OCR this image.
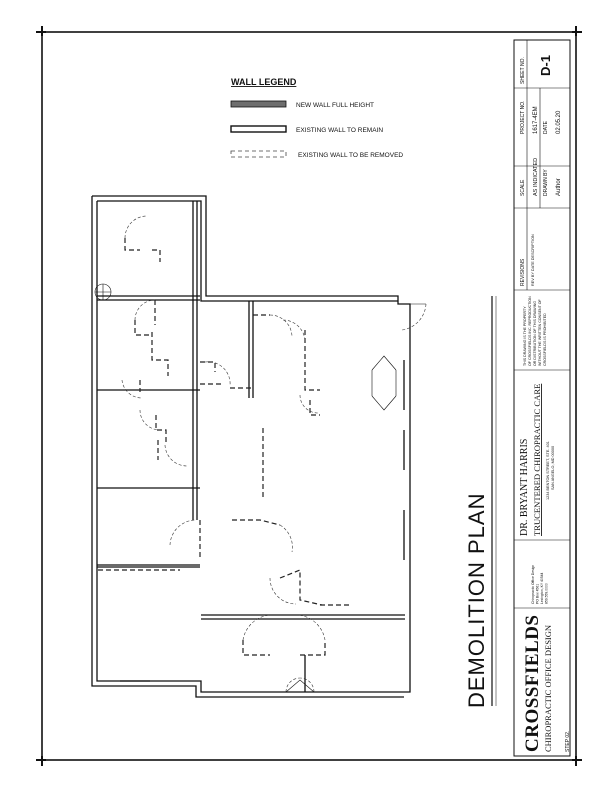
WALL LEGEND
NEW WALL FULL HEIGHT
EXISTING WALL TO REMAIN
EXISTING WALL TO BE REMOVED
DEMOLITION PLAN
SHEET NO. D-1
PROJECT NO. 1617-4EM DATE 02.05.20
SCALE AS INDICATED DRAWN BY Author
REVISIONS REV BY DATE DESCRIPTION
THIS DRAWING IS THE PROPERTY OF CROSSFIELDS INC. REPRODUCTION OR DISTRIBUTION OF THIS DRAWING WITHOUT THE WRITTEN CONSENT OF CROSSFIELDS IS PROHIBITED
DR. BRYANT HARRIS TRUCENTERED CHIROPRACTIC CARE 1234 BENTON STREET, STE. 401 SAN ANGELO, MD 00000
Chiropractic Office Design PO Box 4561 Lexington, KY 40544 859.559.0000
CROSSFIELDS CHIROPRACTIC OFFICE DESIGN STEP 02.
